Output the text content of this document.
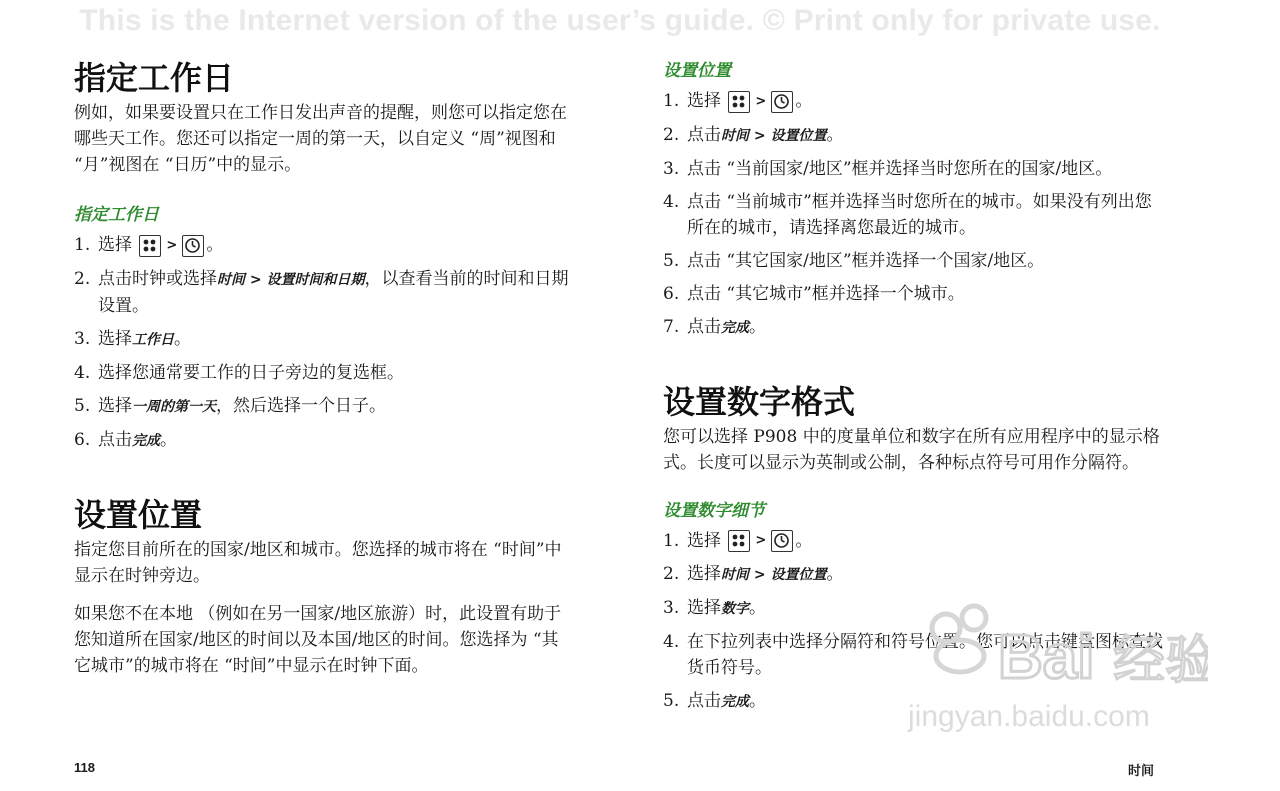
This is the Internet version of the user’s guide. © Print only for private use.
指定工作日

例如，如果要设置只在工作日发出声音的提醒，则您可以指定您在哪些天工作。您还可以指定一周的第一天，以自定义 “周”视图和 “月”视图在 “日历”中的显示。

指定工作日
1. 选择	> 。
2. 点击时钟或选择时间 > 设置时间和日期，以查看当前的时间和日期设置。
3. 选择工作日。
4. 选择您通常要工作的日子旁边的复选框。
5. 选择一周的第一天，然后选择一个日子。
6. 点击完成。
设置位置

指定您目前所在的国家/地区和城市。您选择的城市将在 “时间”中显示在时钟旁边。

如果您不在本地 （例如在另一国家/地区旅游）时，此设置有助于您知道所在国家/地区的时间以及本国/地区的时间。您选择为 “其它城市”的城市将在 “时间”中显示在时钟下面。

设置位置
1. 选择	> 。
2. 点击时间 > 设置位置。
3. 点击 “当前国家/地区”框并选择当时您所在的国家/地区。
4. 点击 “当前城市”框并选择当时您所在的城市。如果没有列出您所在的城市，请选择离您最近的城市。
5. 点击 “其它国家/地区”框并选择一个国家/地区。
6. 点击 “其它城市”框并选择一个城市。
7. 点击完成。
设置数字格式

您可以选择 P908 中的度量单位和数字在所有应用程序中的显示格式。长度可以显示为英制或公制，各种标点符号可用作分隔符。

设置数字细节
1. 选择	> 。
2. 选择时间 > 设置位置。
3. 选择数字。
4. 在下拉列表中选择分隔符和符号位置。您可以点击键盘图标查找货币符号。
5. 点击完成。
Bai 经验
jingyan.baidu.com
118	时间
